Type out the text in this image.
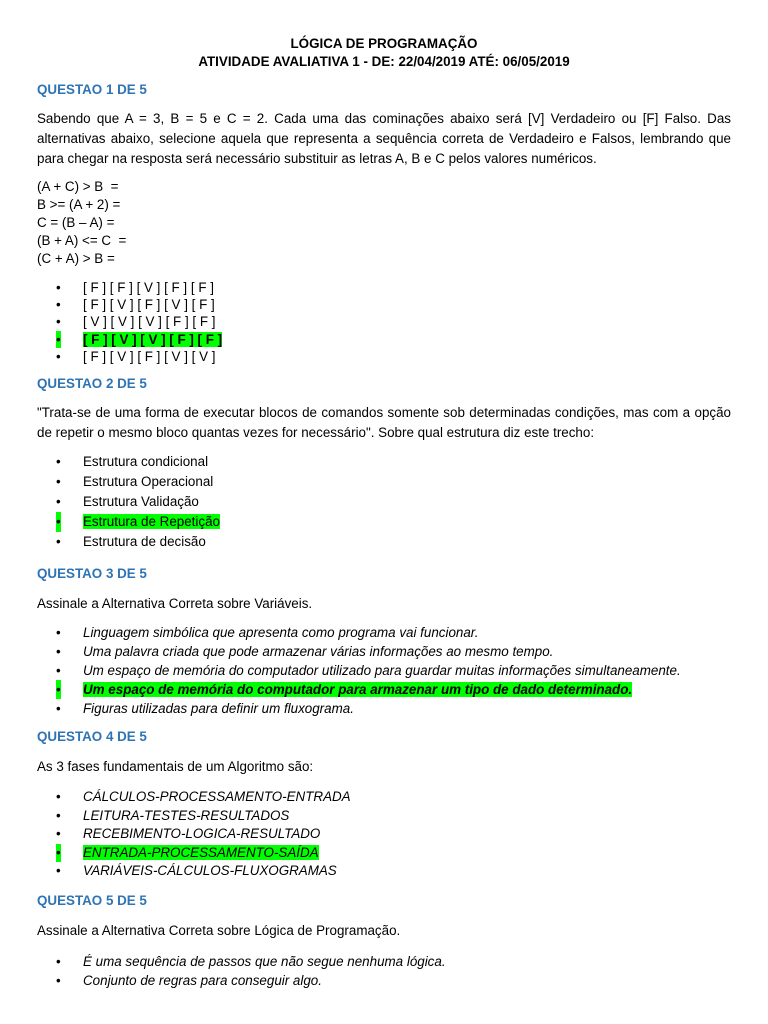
LÓGICA DE PROGRAMAÇÃO
ATIVIDADE AVALIATIVA 1 - DE: 22/04/2019 ATÉ: 06/05/2019
QUESTAO 1 DE 5
Sabendo que A = 3, B = 5 e C = 2. Cada uma das cominações abaixo será [V] Verdadeiro ou [F] Falso. Das alternativas abaixo, selecione aquela que representa a sequência correta de Verdadeiro e Falsos, lembrando que para chegar na resposta será necessário substituir as letras A, B e C pelos valores numéricos.
(A + C) > B  =
B >= (A + 2) =
C = (B – A) =
(B + A) <= C  =
(C + A) > B =
• [ F ] [ F ] [ V ] [ F ] [ F ]
• [ F ] [ V ] [ F ] [ V ] [ F ]
• [ V ] [ V ] [ V ] [ F ] [ F ]
• [ F ] [ V ] [ V ] [ F ] [ F ]
• [ F ] [ V ] [ F ] [ V ] [ V ]
QUESTAO 2 DE 5
"Trata-se de uma forma de executar blocos de comandos somente sob determinadas condições, mas com a opção de repetir o mesmo bloco quantas vezes for necessário". Sobre qual estrutura diz este trecho:
• Estrutura condicional
• Estrutura Operacional
• Estrutura Validação
• Estrutura de Repetição
• Estrutura de decisão
QUESTAO 3 DE 5
Assinale a Alternativa Correta sobre Variáveis.
• Linguagem simbólica que apresenta como programa vai funcionar.
• Uma palavra criada que pode armazenar várias informações ao mesmo tempo.
• Um espaço de memória do computador utilizado para guardar muitas informações simultaneamente.
• Um espaço de memória do computador para armazenar um tipo de dado determinado.
• Figuras utilizadas para definir um fluxograma.
QUESTAO 4 DE 5
As 3 fases fundamentais de um Algoritmo são:
• CÁLCULOS-PROCESSAMENTO-ENTRADA
• LEITURA-TESTES-RESULTADOS
• RECEBIMENTO-LOGICA-RESULTADO
• ENTRADA-PROCESSAMENTO-SAÍDA
• VARIÁVEIS-CÁLCULOS-FLUXOGRAMAS
QUESTAO 5 DE 5
Assinale a Alternativa Correta sobre Lógica de Programação.
• É uma sequência de passos que não segue nenhuma lógica.
• Conjunto de regras para conseguir algo.
